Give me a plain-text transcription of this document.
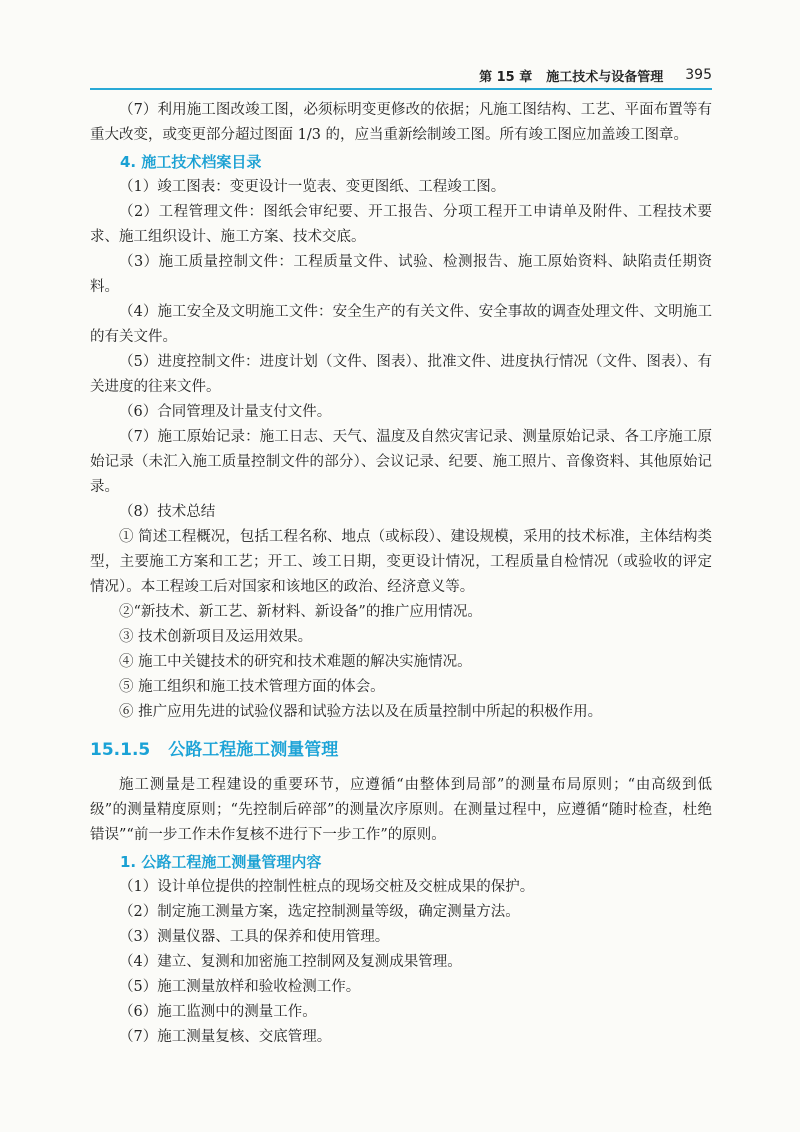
第 15 章 施工技术与设备管理 395

（7）利用施工图改竣工图，必须标明变更修改的依据；凡施工图结构、工艺、平面布置等有重大改变，或变更部分超过图面 1/3 的，应当重新绘制竣工图。所有竣工图应加盖竣工图章。

4. 施工技术档案目录

（1）竣工图表：变更设计一览表、变更图纸、工程竣工图。

（2）工程管理文件：图纸会审纪要、开工报告、分项工程开工申请单及附件、工程技术要求、施工组织设计、施工方案、技术交底。

（3）施工质量控制文件：工程质量文件、试验、检测报告、施工原始资料、缺陷责任期资料。

（4）施工安全及文明施工文件：安全生产的有关文件、安全事故的调查处理文件、文明施工的有关文件。

（5）进度控制文件：进度计划（文件、图表）、批准文件、进度执行情况（文件、图表）、有关进度的往来文件。

（6）合同管理及计量支付文件。

（7）施工原始记录：施工日志、天气、温度及自然灾害记录、测量原始记录、各工序施工原始记录（未汇入施工质量控制文件的部分）、会议记录、纪要、施工照片、音像资料、其他原始记录。

（8）技术总结

① 简述工程概况，包括工程名称、地点（或标段）、建设规模，采用的技术标准，主体结构类型，主要施工方案和工艺；开工、竣工日期，变更设计情况，工程质量自检情况（或验收的评定情况）。本工程竣工后对国家和该地区的政治、经济意义等。

②“新技术、新工艺、新材料、新设备”的推广应用情况。

③ 技术创新项目及运用效果。

④ 施工中关键技术的研究和技术难题的解决实施情况。

⑤ 施工组织和施工技术管理方面的体会。

⑥ 推广应用先进的试验仪器和试验方法以及在质量控制中所起的积极作用。

15.1.5 公路工程施工测量管理

施工测量是工程建设的重要环节，应遵循“由整体到局部”的测量布局原则；“由高级到低级”的测量精度原则；“先控制后碎部”的测量次序原则。在测量过程中，应遵循“随时检查，杜绝错误”“前一步工作未作复核不进行下一步工作”的原则。

1. 公路工程施工测量管理内容

（1）设计单位提供的控制性桩点的现场交桩及交桩成果的保护。

（2）制定施工测量方案，选定控制测量等级，确定测量方法。

（3）测量仪器、工具的保养和使用管理。

（4）建立、复测和加密施工控制网及复测成果管理。

（5）施工测量放样和验收检测工作。

（6）施工监测中的测量工作。

（7）施工测量复核、交底管理。
